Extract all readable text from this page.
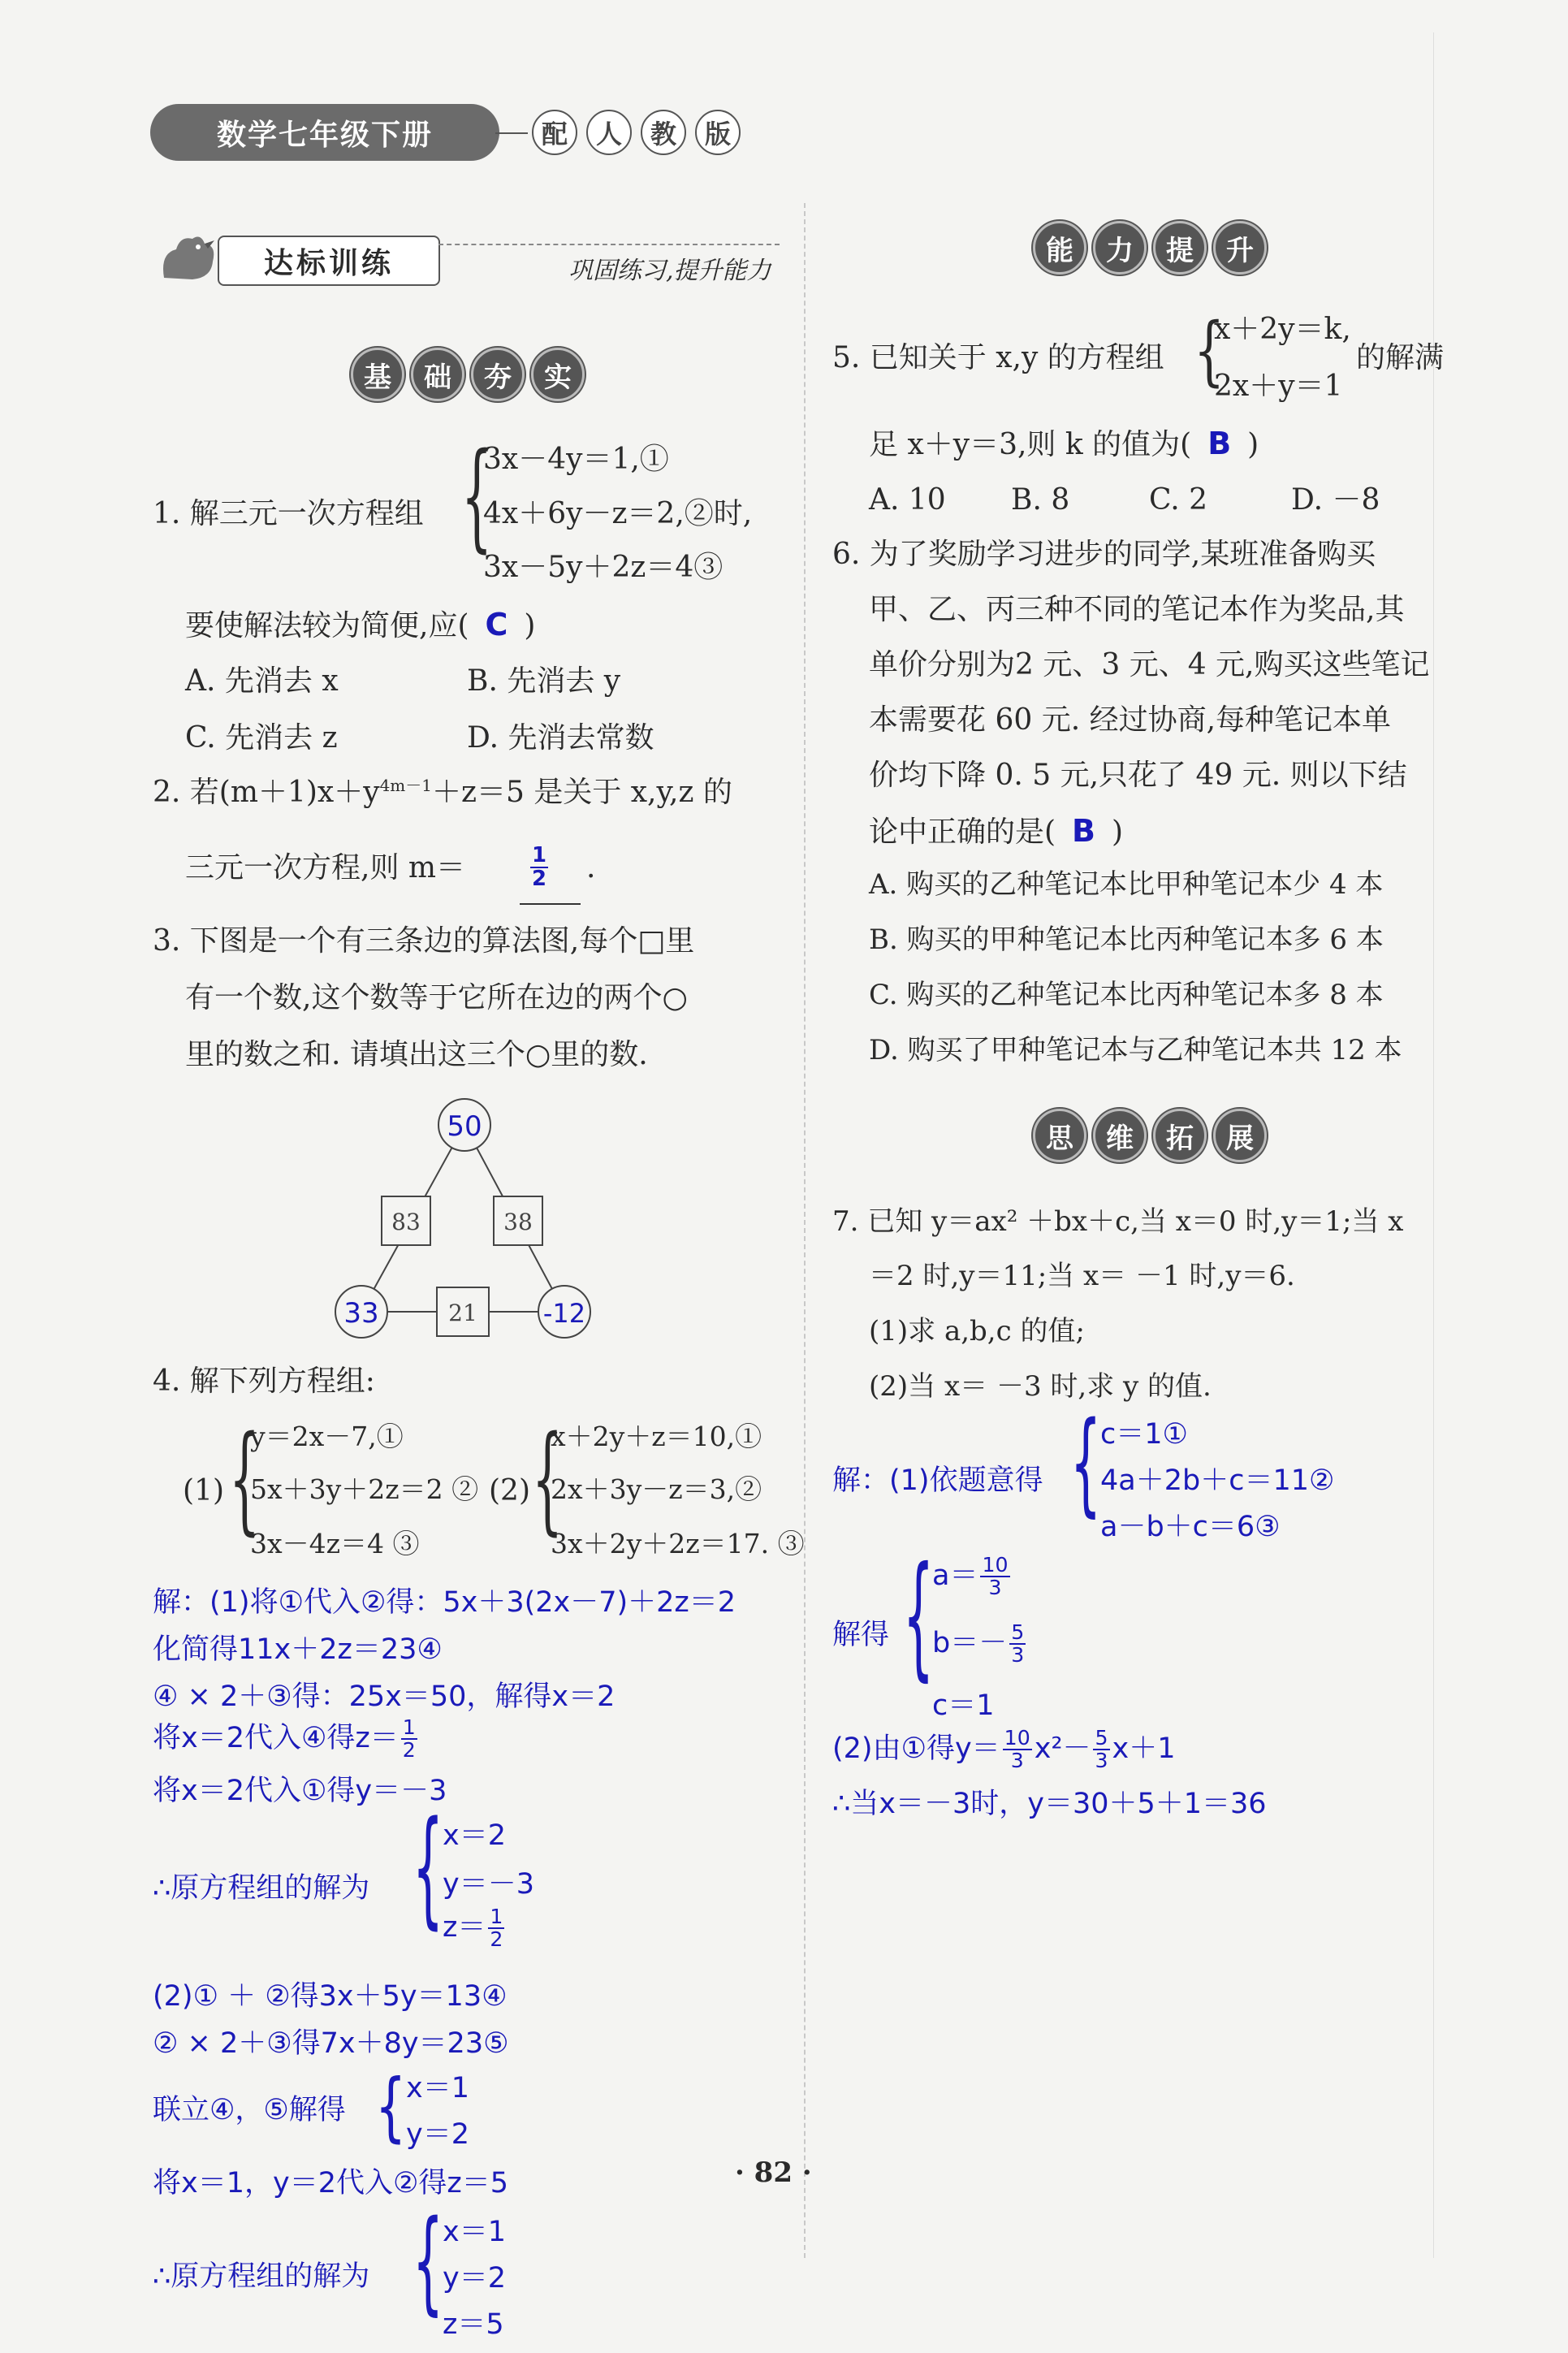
数学七年级下册	配	人	教	版
达标训练	巩固练习,提升能力
基	础	夯	实
1. 解三元一次方程组 {
3x－4y＝1,①
4x＋6y－z＝2,②时,
3x－5y＋2z＝4③
要使解法较为简便,应( C )
A. 先消去 x	B. 先消去 y
C. 先消去 z	D. 先消去常数
2. 若$(m+1)x+y^{4m-1}+z=5$ 是关于 x,y,z 的
三元一次方程,则 m＝	$\frac{1}{2}$ .
3. 下图是一个有三条边的算法图,每个□里
有一个数,这个数等于它所在边的两个○
里的数之和. 请填出这三个○里的数.
50
33	-12
83	38
21
4. 解下列方程组:
(1) {
y＝2x－7,①
5x＋3y＋2z＝2 ②
3x－4z＝4 ③
(2) {
x＋2y＋z＝10,①
2x＋3y－z＝3,②
3x＋2y＋2z＝17. ③
解：(1)将①代入②得：5x＋3(2x－7)＋2z＝2
化简得11x＋2z＝23④
④ × 2＋③得：25x＝50，解得x＝2
将x＝2代入④得$z= \frac{1}{2}$
将x＝2代入①得y＝－3
∴原方程组的解为 {
x＝2
y＝－3
$z= \frac{1}{2}$
(2)① ＋ ②得3x＋5y＝13④
② × 2＋③得7x＋8y＝23⑤
联立④，⑤解得 { x＝1
y＝2
将x＝1，y＝2代入②得z＝5
∴原方程组的解为 {
x＝1
y＝2
z＝5
能	力	提	升
5. 已知关于 x,y 的方程组 {
x＋2y＝k,
2x＋y＝1
的解满
足 x＋y＝3,则 k 的值为( B )
A. 10 B. 8	C. 2	D. －8
6. 为了奖励学习进步的同学,某班准备购买
甲、乙、丙三种不同的笔记本作为奖品,其
单价分别为2 元、3 元、4 元,购买这些笔记
本需要花 60 元. 经过协商,每种笔记本单
价均下降 0. 5 元,只花了 49 元. 则以下结
论中正确的是( B )
A. 购买的乙种笔记本比甲种笔记本少 4 本
B. 购买的甲种笔记本比丙种笔记本多 6 本
C. 购买的乙种笔记本比丙种笔记本多 8 本
D. 购买了甲种笔记本与乙种笔记本共 12 本
思	维	拓	展
7. 已知 y＝ax² ＋bx＋c,当 x＝0 时,y＝1;当 x
＝2 时,y＝11;当 x＝ －1 时,y＝6.
(1)求 a,b,c 的值;
(2)当 x＝ －3 时,求 y 的值.
解：(1)依题意得 {
c＝1①
4a＋2b＋c＝11②
a－b＋c＝6③
解得 {
$a= \frac{10}{3}$
$b=- \frac{5}{3}$
c＝1
(2)由①得$y= \frac{10}{3} x^2- \frac{5}{3} x+1$
∴当x＝－3时，y＝30＋5＋1＝36
· 82 ·
